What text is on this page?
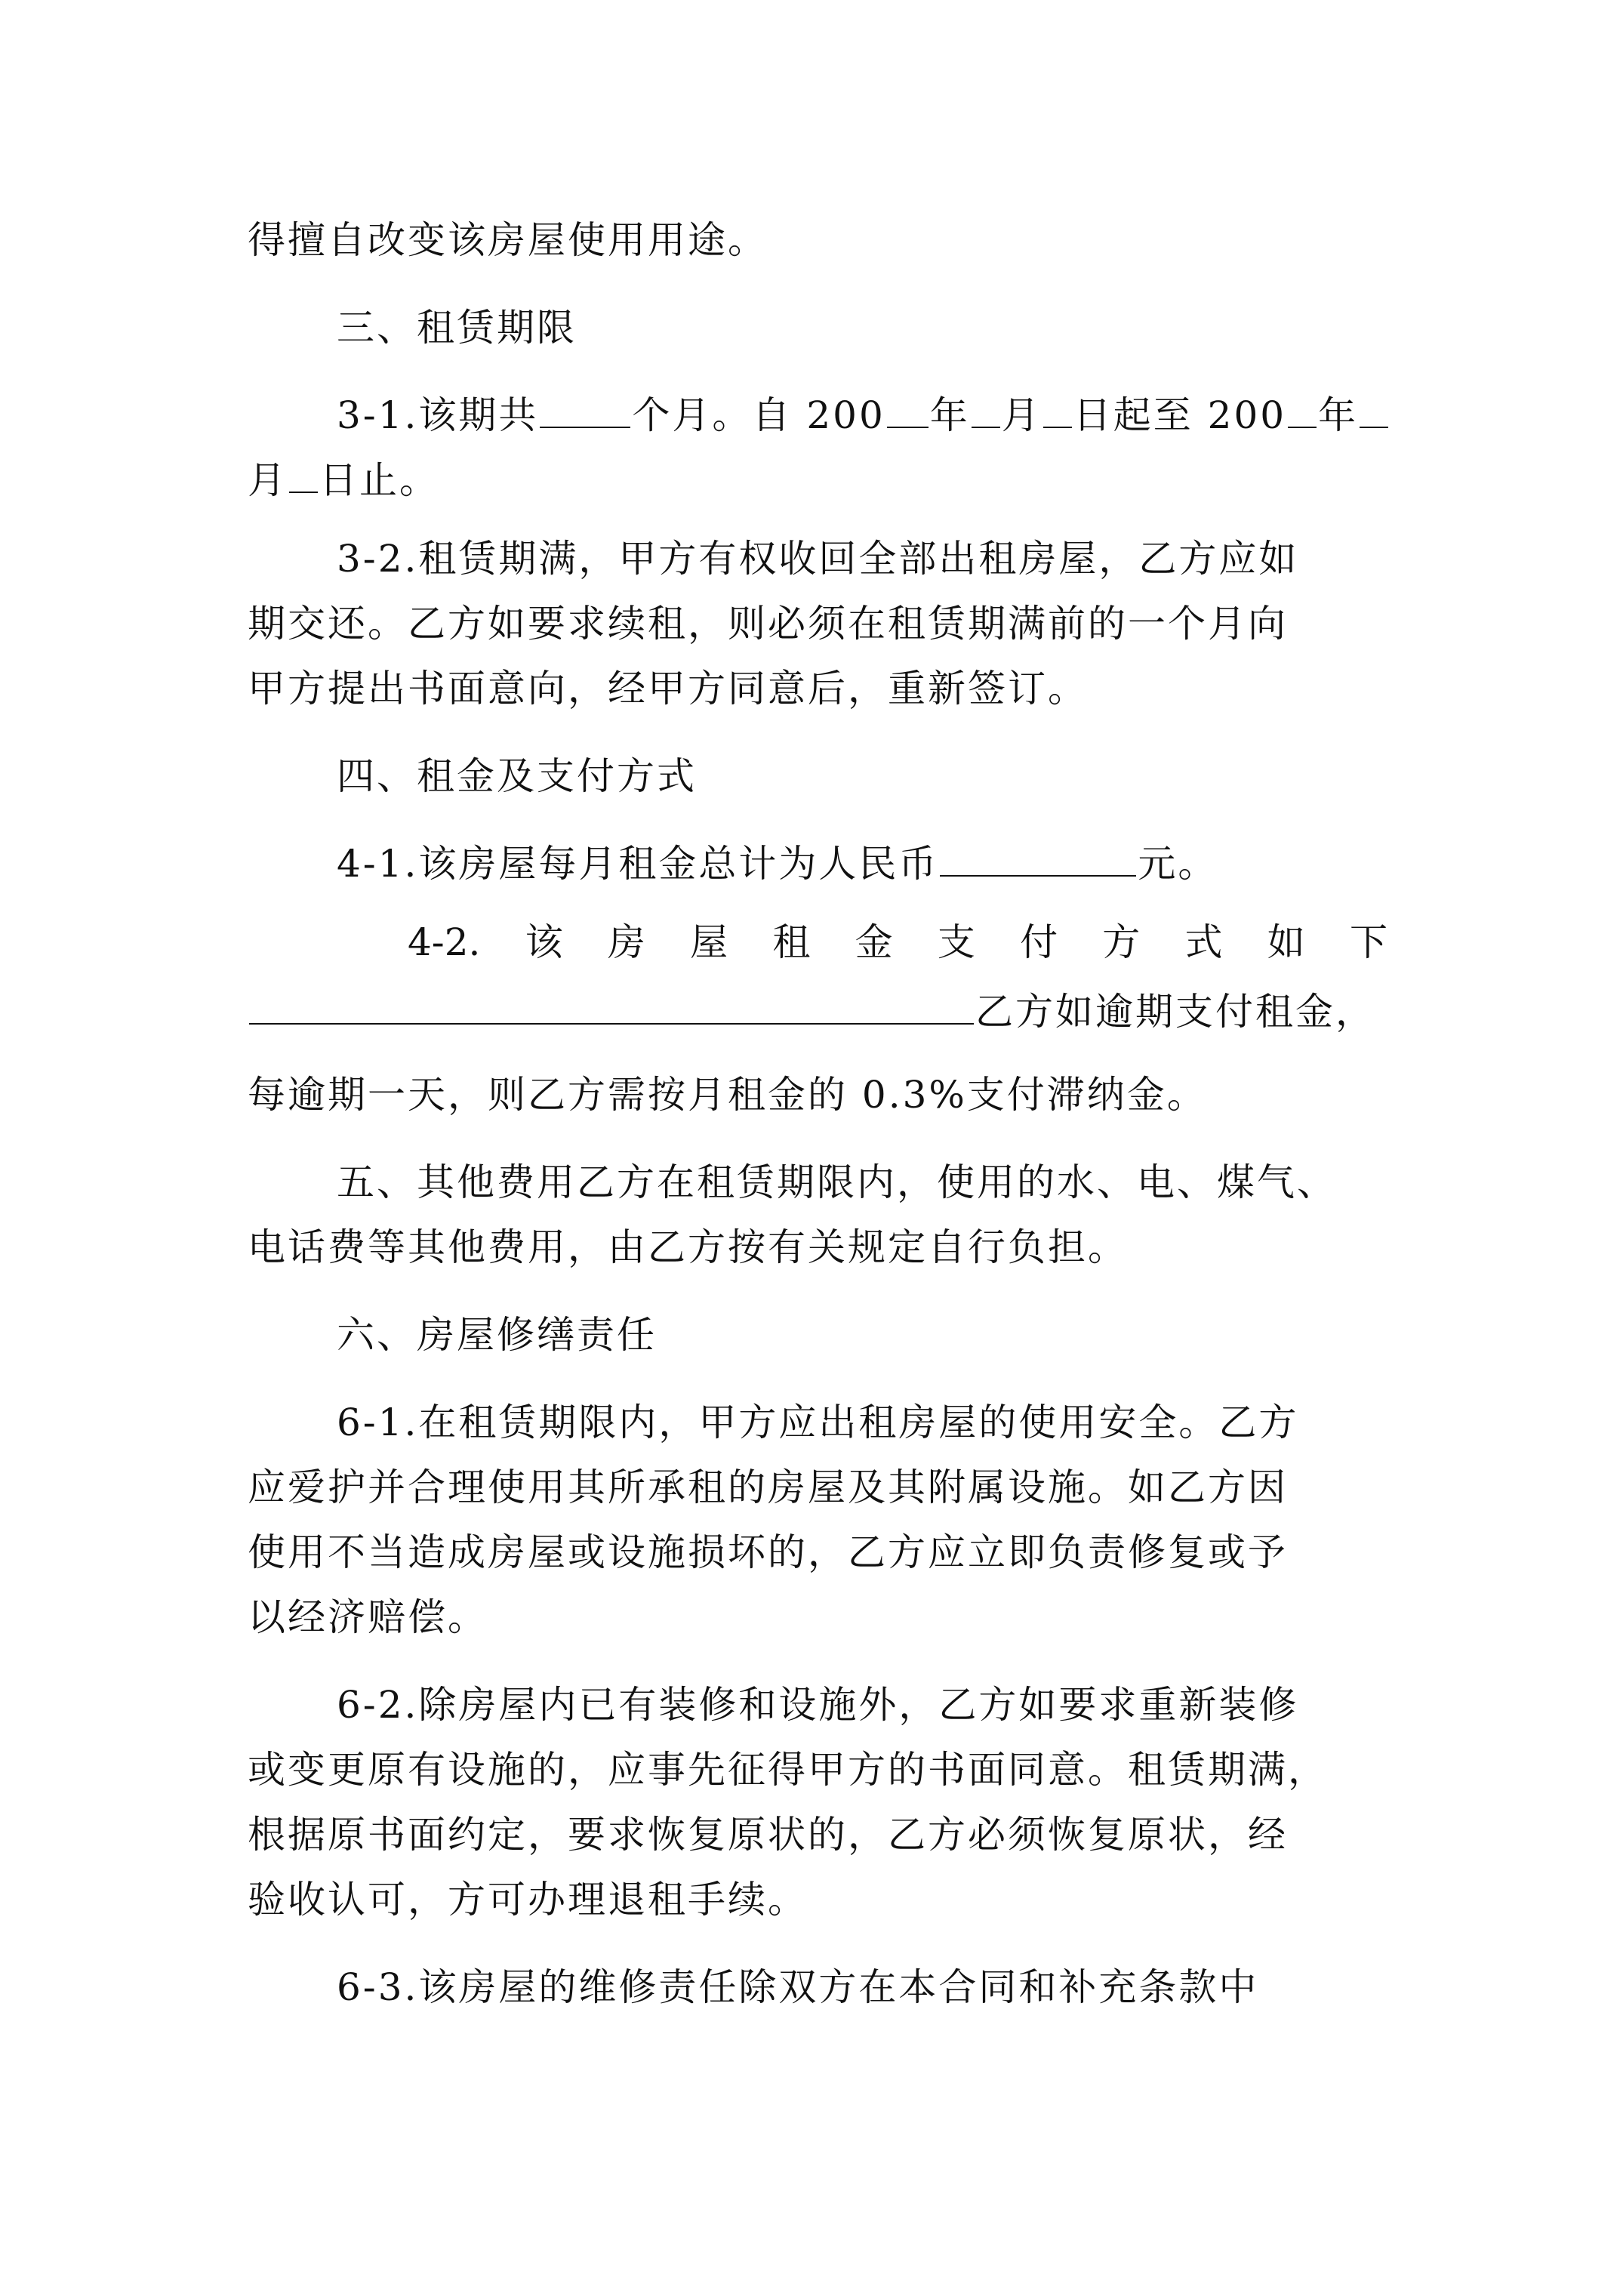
得擅自改变该房屋使用用途。
三、租赁期限
3-1.该期共 个月。自 200 年 月 日起至 200 年
月 日止。
3-2.租赁期满，甲方有权收回全部出租房屋，乙方应如
期交还。乙方如要求续租，则必须在租赁期满前的一个月向
甲方提出书面意向，经甲方同意后，重新签订。
四、租金及支付方式
4-1.该房屋每月租金总计为人民币	元。
4-2. 该 房 屋 租 金 支 付 方 式 如 下
乙方如逾期支付租金，
每逾期一天，则乙方需按月租金的 0.3%支付滞纳金。
五、其他费用乙方在租赁期限内，使用的水、电、煤气、
电话费等其他费用，由乙方按有关规定自行负担。
六、房屋修缮责任
6-1.在租赁期限内，甲方应出租房屋的使用安全。乙方
应爱护并合理使用其所承租的房屋及其附属设施。如乙方因
使用不当造成房屋或设施损坏的，乙方应立即负责修复或予
以经济赔偿。
6-2.除房屋内已有装修和设施外，乙方如要求重新装修
或变更原有设施的，应事先征得甲方的书面同意。租赁期满，
根据原书面约定，要求恢复原状的，乙方必须恢复原状，经
验收认可，方可办理退租手续。
6-3.该房屋的维修责任除双方在本合同和补充条款中
